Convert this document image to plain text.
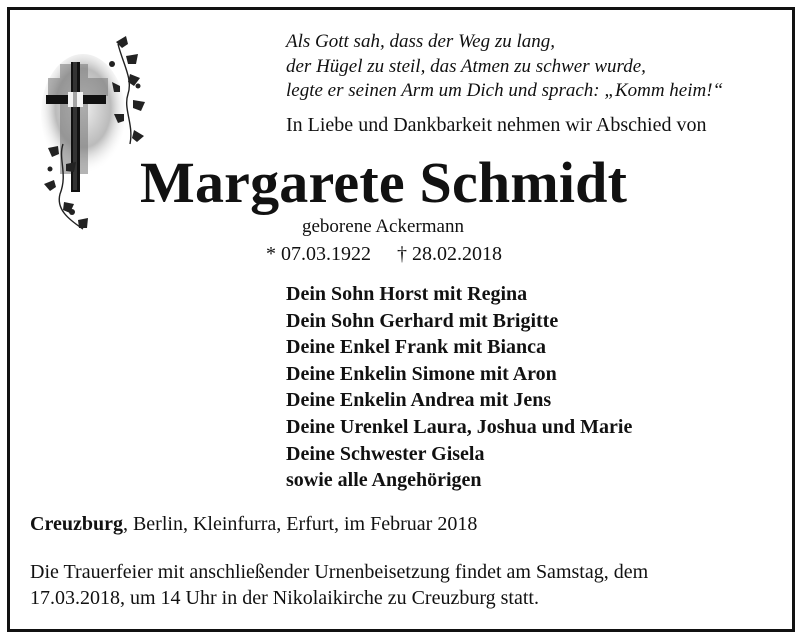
Als Gott sah, dass der Weg zu lang,
der Hügel zu steil, das Atmen zu schwer wurde,
legte er seinen Arm um Dich und sprach: „Komm heim!“
In Liebe und Dankbarkeit nehmen wir Abschied von
Margarete Schmidt
geborene Ackermann
* 07.03.1922 † 28.02.2018
Dein Sohn Horst mit Regina
Dein Sohn Gerhard mit Brigitte
Deine Enkel Frank mit Bianca
Deine Enkelin Simone mit Aron
Deine Enkelin Andrea mit Jens
Deine Urenkel Laura, Joshua und Marie
Deine Schwester Gisela
sowie alle Angehörigen
Creuzburg, Berlin, Kleinfurra, Erfurt, im Februar 2018
Die Trauerfeier mit anschließender Urnenbeisetzung findet am Samstag, dem 17.03.2018, um 14 Uhr in der Nikolaikirche zu Creuzburg statt.
